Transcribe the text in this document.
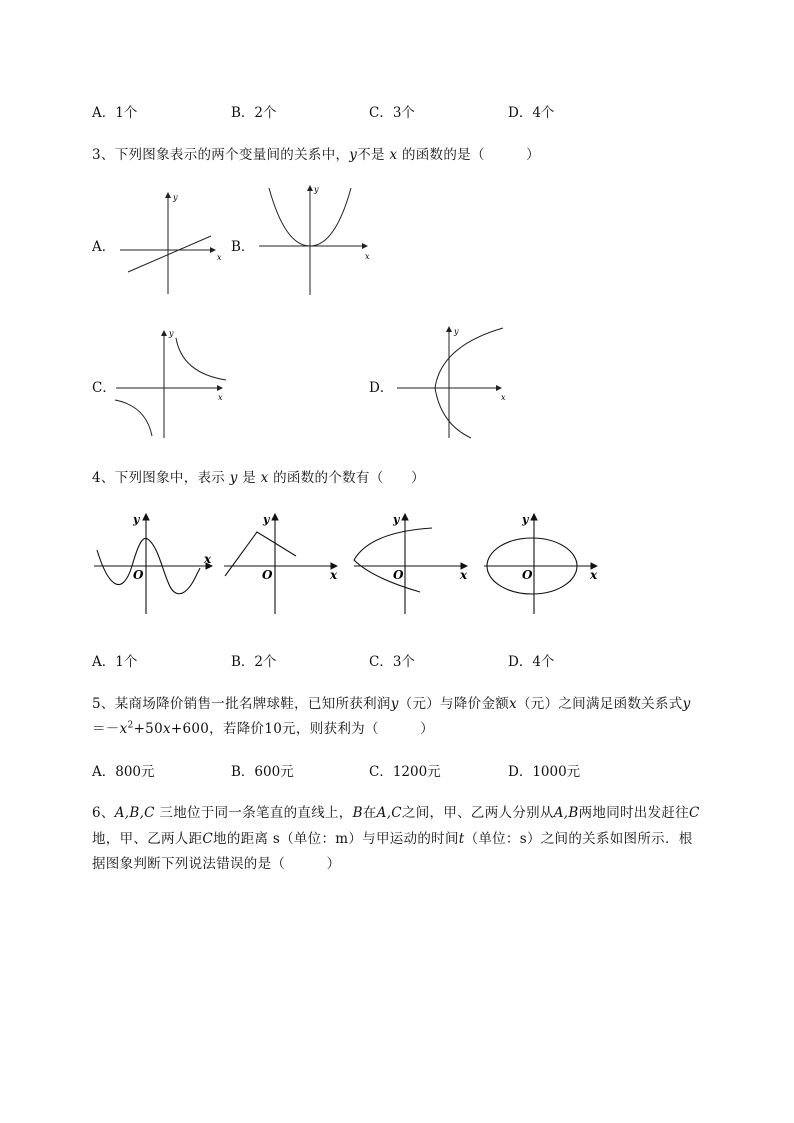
A．1个	B．2个	C．3个	D．4个
3、下列图象表示的两个变量间的关系中，y不是 x 的函数的是（　　　）
A．
y
x
B．
y
x
C．
y
x
D．
y
x
4、下列图象中，表示 y 是 x 的函数的个数有（　　）
y
x
O
y
x
O
y
x
O
y
x
O
A．1个	B．2个	C．3个	D．4个
5、某商场降价销售一批名牌球鞋，已知所获利润y（元）与降价金额x（元）之间满足函数关系式y
$=-x^2+50x+600$，若降价10元，则获利为（　　　）
A．800元	B．600元	C．1200元	D．1000元
6、A,B,C 三地位于同一条笔直的直线上，B在A,C之间，甲、乙两人分别从A,B两地同时出发赶往C
地，甲、乙两人距C地的距离 s（单位：m）与甲运动的时间t（单位：s）之间的关系如图所示．根
据图象判断下列说法错误的是（　　　）
